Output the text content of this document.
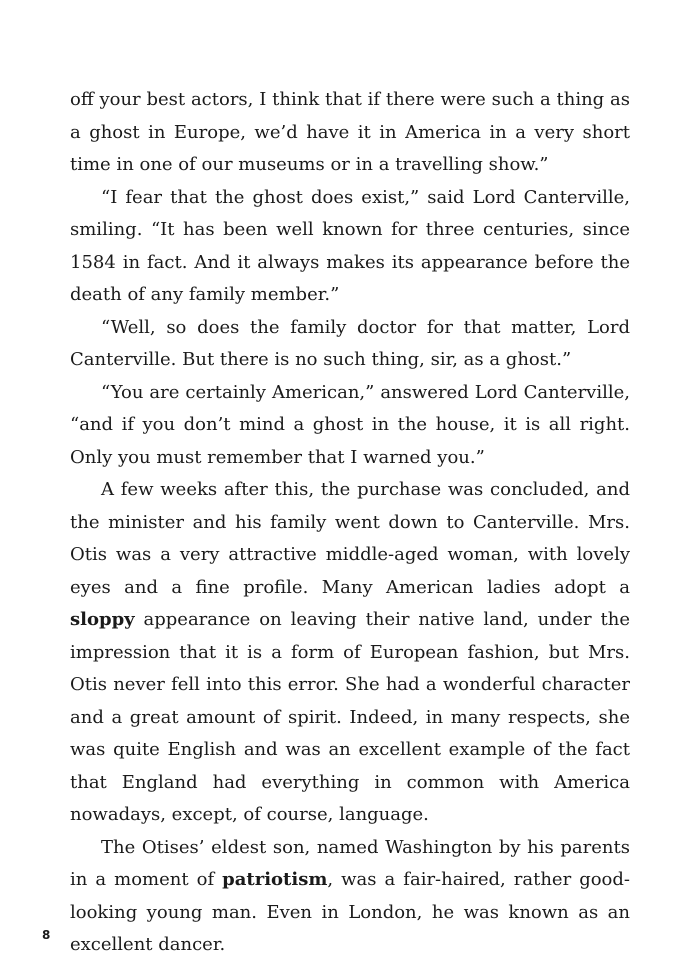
off your best actors, I think that if there were such a thing as a ghost in Europe, we’d have it in America in a very short time in one of our museums or in a travelling show.”

“I fear that the ghost does exist,” said Lord Canterville, smiling. “It has been well known for three centuries, since 1584 in fact. And it always makes its appearance before the death of any family member.”

“Well, so does the family doctor for that matter, Lord Canterville. But there is no such thing, sir, as a ghost.”

“You are certainly American,” answered Lord Canterville, “and if you don’t mind a ghost in the house, it is all right. Only you must remember that I warned you.”

A few weeks after this, the purchase was concluded, and the minister and his family went down to Canterville. Mrs. Otis was a very attractive middle-aged woman, with lovely eyes and a fine profile. Many American ladies adopt a sloppy appearance on leaving their native land, under the impression that it is a form of European fashion, but Mrs. Otis never fell into this error. She had a wonderful character and a great amount of spirit. Indeed, in many respects, she was quite English and was an excellent example of the fact that England had everything in common with America nowadays, except, of course, language.

The Otises’ eldest son, named Washington by his parents in a moment of patriotism, was a fair-haired, rather good-looking young man. Even in London, he was known as an excellent dancer.

8
